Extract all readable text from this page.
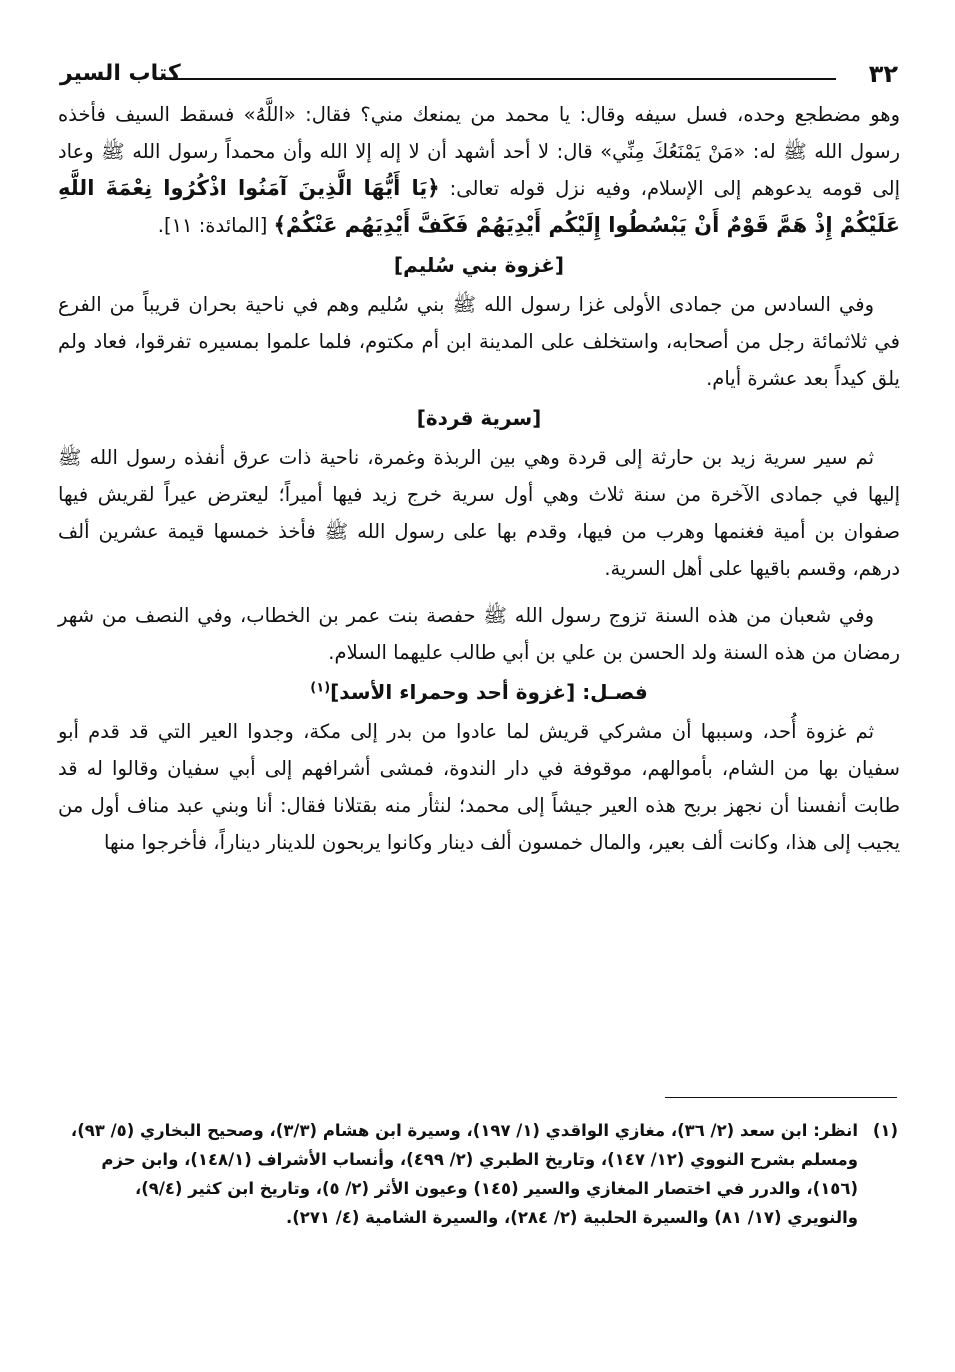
٣٢
كتاب السير

وهو مضطجع وحده، فسل سيفه وقال: يا محمد من يمنعك مني؟ فقال: «اللَّهُ» فسقط السيف فأخذه رسول الله ﷺ له: «مَنْ يَمْنَعُكَ مِنِّي» قال: لا أحد أشهد أن لا إله إلا الله وأن محمداً رسول الله ﷺ وعاد إلى قومه يدعوهم إلى الإسلام، وفيه نزل قوله تعالى: ﴿يَا أَيُّهَا الَّذِينَ آمَنُوا اذْكُرُوا نِعْمَةَ اللَّهِ عَلَيْكُمْ إِذْ هَمَّ قَوْمٌ أَنْ يَبْسُطُوا إِلَيْكُم أَيْدِيَهُمْ فَكَفَّ أَيْدِيَهُم عَنْكُمْ﴾ [المائدة: ١١].

[غزوة بني سُليم]

وفي السادس من جمادى الأولى غزا رسول الله ﷺ بني سُليم وهم في ناحية بحران قريباً من الفرع في ثلاثمائة رجل من أصحابه، واستخلف على المدينة ابن أم مكتوم، فلما علموا بمسيره تفرقوا، فعاد ولم يلق كيداً بعد عشرة أيام.

[سرية قردة]

ثم سير سرية زيد بن حارثة إلى قردة وهي بين الربذة وغمرة، ناحية ذات عرق أنفذه رسول الله ﷺ إليها في جمادى الآخرة من سنة ثلاث وهي أول سرية خرج زيد فيها أميراً؛ ليعترض عيراً لقريش فيها صفوان بن أمية فغنمها وهرب من فيها، وقدم بها على رسول الله ﷺ فأخذ خمسها قيمة عشرين ألف درهم، وقسم باقيها على أهل السرية.

وفي شعبان من هذه السنة تزوج رسول الله ﷺ حفصة بنت عمر بن الخطاب، وفي النصف من شهر رمضان من هذه السنة ولد الحسن بن علي بن أبي طالب عليهما السلام.

فصـل: [غزوة أحد وحمراء الأسد]$^{(١)}$

ثم غزوة أُحد، وسببها أن مشركي قريش لما عادوا من بدر إلى مكة، وجدوا العير التي قد قدم أبو سفيان بها من الشام، بأموالهم، موقوفة في دار الندوة، فمشى أشرافهم إلى أبي سفيان وقالوا له قد طابت أنفسنا أن نجهز بربح هذه العير جيشاً إلى محمد؛ لنثأر منه بقتلانا فقال: أنا وبني عبد مناف أول من يجيب إلى هذا، وكانت ألف بعير، والمال خمسون ألف دينار وكانوا يربحون للدينار ديناراً، فأخرجوا منها

(١)انظر: ابن سعد (٢/ ٣٦)، مغازي الواقدي (١/ ١٩٧)، وسيرة ابن هشام (٣/٣)، وصحيح البخاري (٥/ ٩٣)، ومسلم بشرح النووي (١٢/ ١٤٧)، وتاريخ الطبري (٢/ ٤٩٩)، وأنساب الأشراف (١٤٨/١)، وابن حزم (١٥٦)، والدرر في اختصار المغازي والسير (١٤٥) وعيون الأثر (٢/ ٥)، وتاريخ ابن كثير (٩/٤)، والنويري (١٧/ ٨١) والسيرة الحلبية (٢/ ٢٨٤)، والسيرة الشامية (٤/ ٢٧١).
